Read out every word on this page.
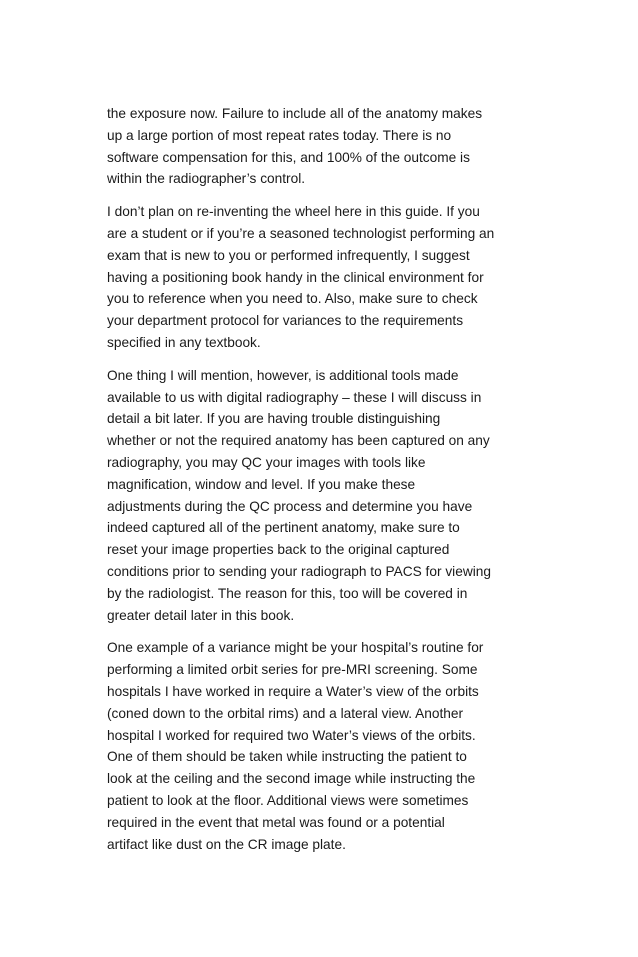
the exposure now. Failure to include all of the anatomy makes
up a large portion of most repeat rates today. There is no
software compensation for this, and 100% of the outcome is
within the radiographer’s control.

I don’t plan on re-inventing the wheel here in this guide. If you
are a student or if you’re a seasoned technologist performing an
exam that is new to you or performed infrequently, I suggest
having a positioning book handy in the clinical environment for
you to reference when you need to. Also, make sure to check
your department protocol for variances to the requirements
specified in any textbook.

One thing I will mention, however, is additional tools made
available to us with digital radiography – these I will discuss in
detail a bit later. If you are having trouble distinguishing
whether or not the required anatomy has been captured on any
radiography, you may QC your images with tools like
magnification, window and level. If you make these
adjustments during the QC process and determine you have
indeed captured all of the pertinent anatomy, make sure to
reset your image properties back to the original captured
conditions prior to sending your radiograph to PACS for viewing
by the radiologist. The reason for this, too will be covered in
greater detail later in this book.

One example of a variance might be your hospital’s routine for
performing a limited orbit series for pre-MRI screening. Some
hospitals I have worked in require a Water’s view of the orbits
(coned down to the orbital rims) and a lateral view. Another
hospital I worked for required two Water’s views of the orbits.
One of them should be taken while instructing the patient to
look at the ceiling and the second image while instructing the
patient to look at the floor. Additional views were sometimes
required in the event that metal was found or a potential
artifact like dust on the CR image plate.
